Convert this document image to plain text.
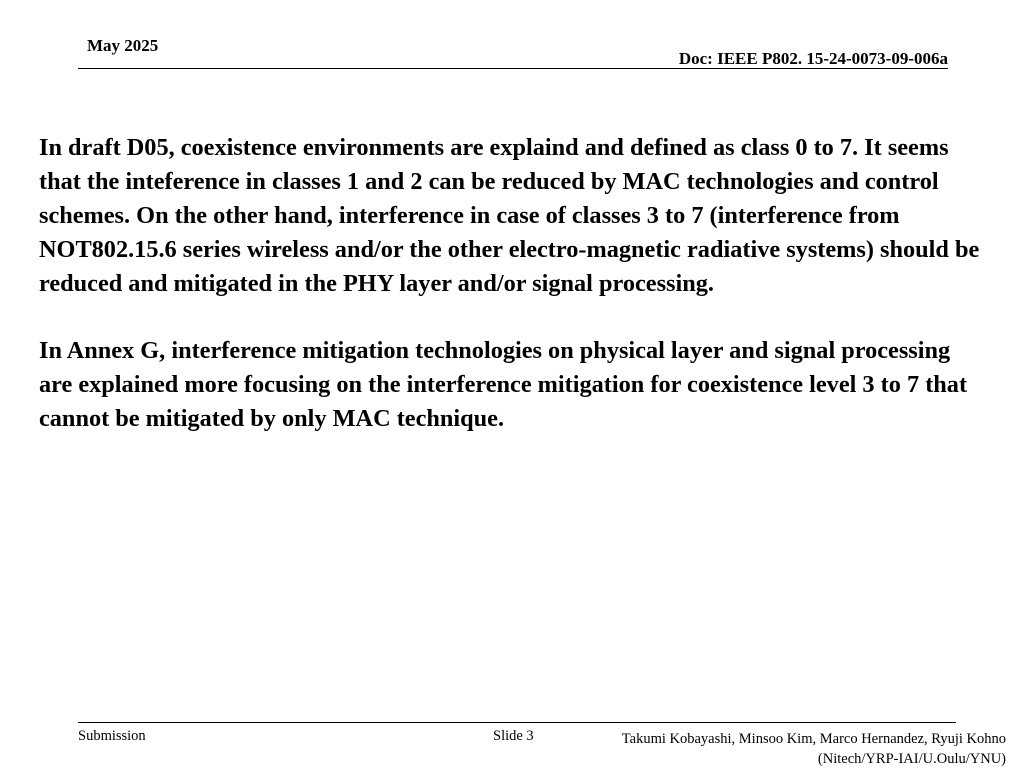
May 2025
Doc: IEEE P802. 15-24-0073-09-006a

In draft D05, coexistence environments are explaind and defined as class 0 to 7. It seems that the inteference in classes 1 and 2 can be reduced by MAC technologies and control schemes. On the other hand, interference in case of classes 3 to 7 (interference from NOT802.15.6 series wireless and/or the other electro-magnetic radiative systems) should be reduced and mitigated in the PHY layer and/or signal processing.

In Annex G, interference mitigation technologies on physical layer and signal processing are explained more focusing on the interference mitigation for coexistence level 3 to 7 that cannot be mitigated by only MAC technique.

Submission	Slide 3	Takumi Kobayashi, Minsoo Kim, Marco Hernandez, Ryuji Kohno
(Nitech/YRP-IAI/U.Oulu/YNU)
